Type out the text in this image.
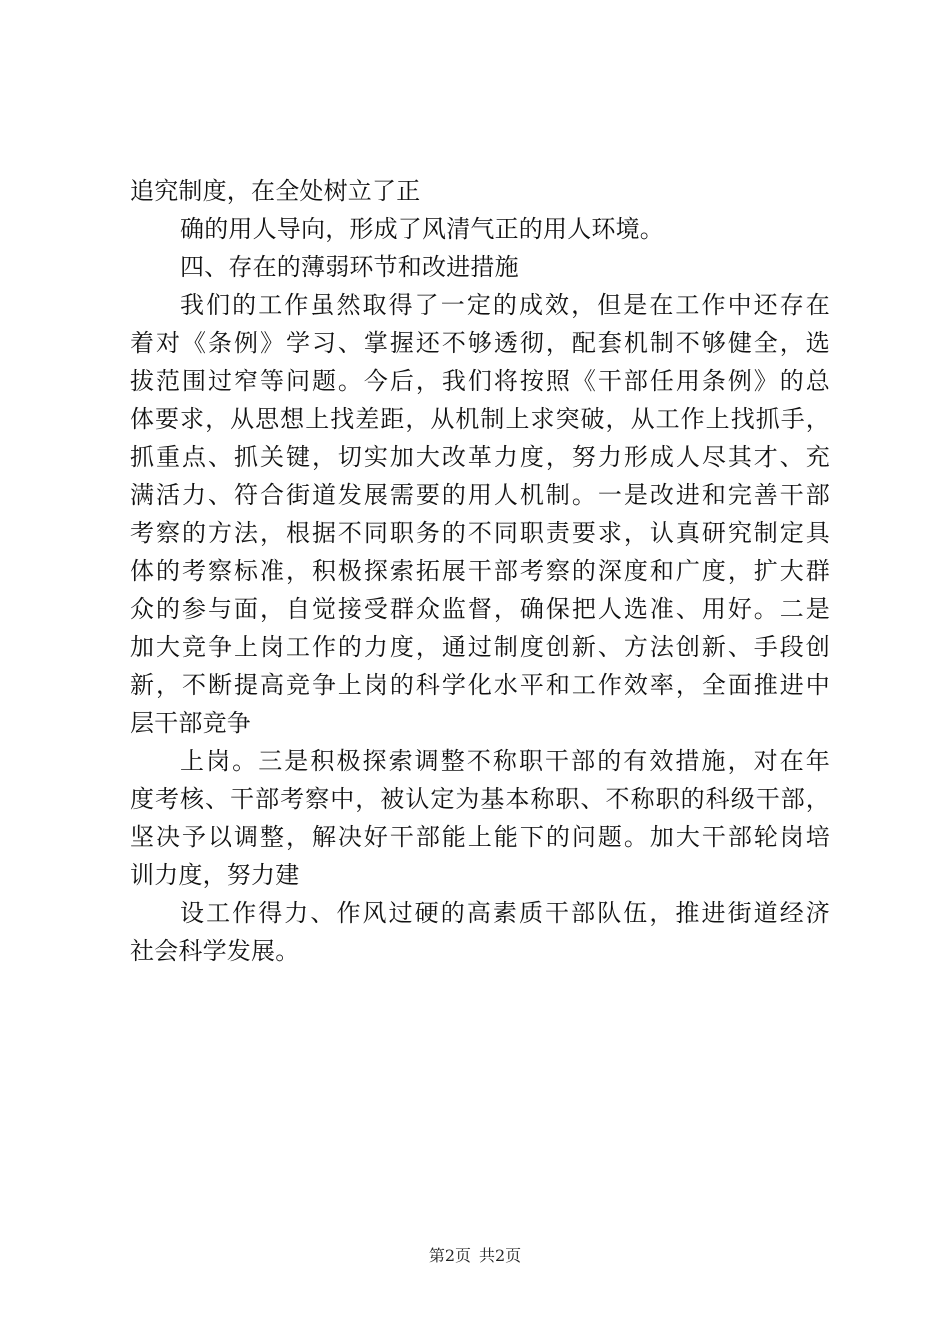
追究制度，在全处树立了正
确的用人导向，形成了风清气正的用人环境。
四、存在的薄弱环节和改进措施
我们的工作虽然取得了一定的成效，但是在工作中还存在
着对《条例》学习、掌握还不够透彻，配套机制不够健全，选
拔范围过窄等问题。今后，我们将按照《干部任用条例》的总
体要求，从思想上找差距，从机制上求突破，从工作上找抓手，
抓重点、抓关键，切实加大改革力度，努力形成人尽其才、充
满活力、符合街道发展需要的用人机制。一是改进和完善干部
考察的方法，根据不同职务的不同职责要求，认真研究制定具
体的考察标准，积极探索拓展干部考察的深度和广度，扩大群
众的参与面，自觉接受群众监督，确保把人选准、用好。二是
加大竞争上岗工作的力度，通过制度创新、方法创新、手段创
新，不断提高竞争上岗的科学化水平和工作效率，全面推进中
层干部竞争
上岗。三是积极探索调整不称职干部的有效措施，对在年
度考核、干部考察中，被认定为基本称职、不称职的科级干部，
坚决予以调整，解决好干部能上能下的问题。加大干部轮岗培
训力度，努力建
设工作得力、作风过硬的高素质干部队伍，推进街道经济
社会科学发展。
第2页 共2页
